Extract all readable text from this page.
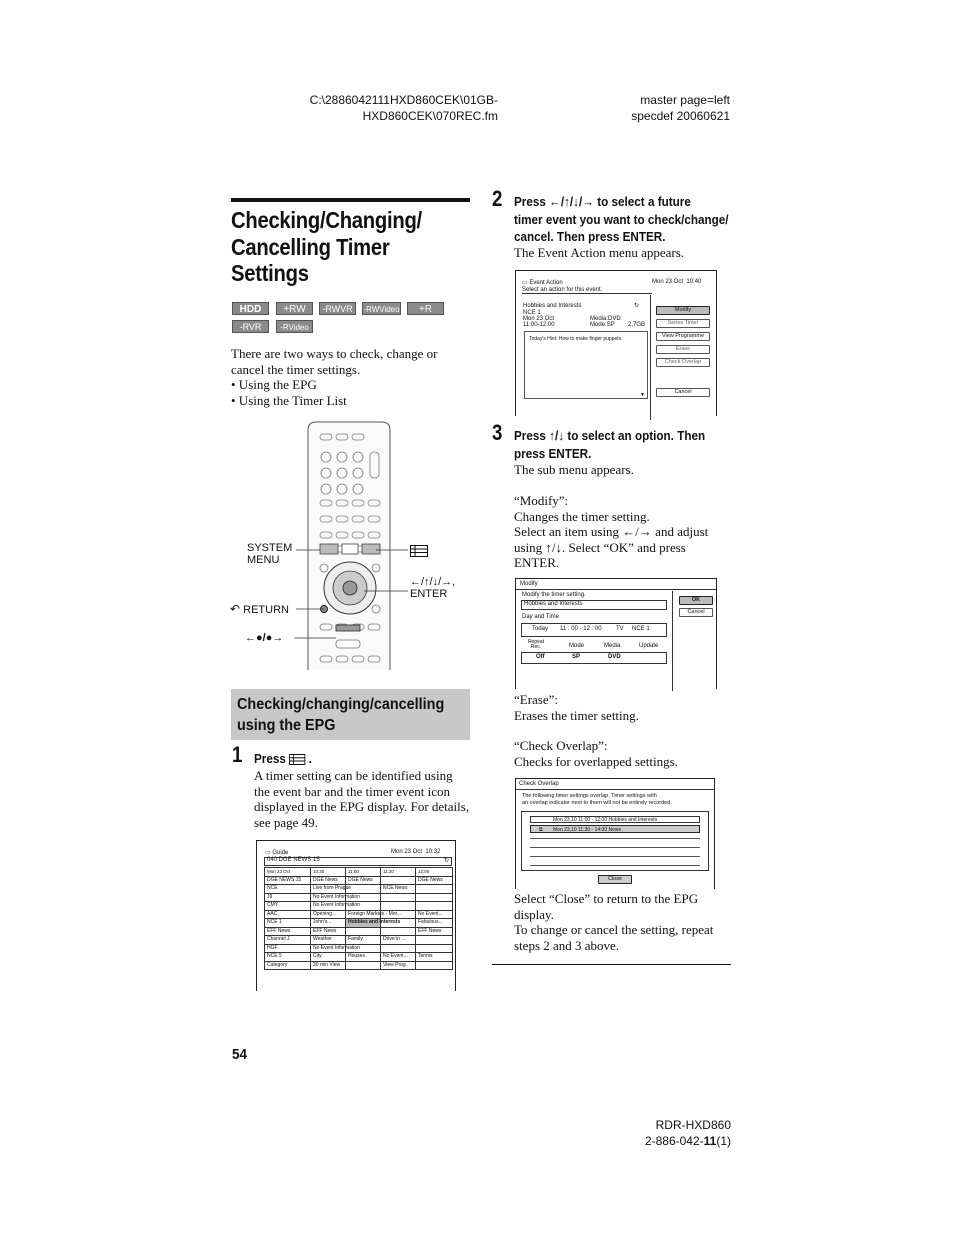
C:\2886042111HXD860CEK\01GB-
HXD860CEK\070REC.fm
master page=left
specdef 20060621
Checking/Changing/
Cancelling Timer
Settings
HDD	+RW	-RWVR	-RWVideo	+R
-RVR	-RVideo
There are two ways to check, change or
cancel the timer settings.
• Using the EPG
• Using the Timer List
SYSTEM
MENU
←/↑/↓/→,
ENTER
↶ RETURN
←●/●→
Checking/changing/cancelling
using the EPG
1 Press .
A timer setting can be identified using
the event bar and the timer event icon
displayed in the EPG display. For details,
see page 49.
▭ Guide	Mon 23 Oct 10:32
040 DGE NEWS 15	↻
Mon 23 Oct	10:30	11:00	11:30	12:00
DGE NEWS 15	DGE News	DGE News		DGE News
NCE	Live from Prague		NCE News	
J9	No Event Information			
CMY	No Event Information			
AAC	Opening...	Foreign Markets - Mor...		No Event...
NCE 1	John's...	Hobbies and Interests		Fabulous...
EFF News	EFF News			EFF News
Channel J	Weather	Family	Drive in ...	
HGF	No Event Information			
NCE 5	City	Houses	No Event...	Tennis
Category	30 min View		View Prog.	
2 Press ←/↑/↓/→ to select a future
timer event you want to check/change/
cancel. Then press ENTER.
The Event Action menu appears.
▭ Event Action	Mon 23 Oct 10:40
Select an action for this event.
Hobbies and Interests	↻
NCE 1
Mon 23 Oct	Media:DVD
11:00-12:00	Mode:SP 2.7GB
Today's Hint: How to make finger puppets.
▼
Modify
Series Timer
View Programme
Erase
Check Overlap
Cancel
3 Press ↑/↓ to select an option. Then
press ENTER.
The sub menu appears.
“Modify”:
Changes the timer setting.
Select an item using ←/→ and adjust
using ↑/↓. Select “OK” and press
ENTER.
Modify
Modify the timer setting.
Hobbies and Interests
Day and Time
Today 11 : 00 - 12 : 00 TV NCE 1
Repeat Rec.	Mode	Media	Update
Off	SP	DVD
OK
Cancel
“Erase”:
Erases the timer setting.
“Check Overlap”:
Checks for overlapped settings.
Check Overlap
The following timer settings overlap. Timer settings with
an overlap indicator next to them will not be entirely recorded.
Mon 23,10 11:00 - 12:00 Hobbies and Interests
⧉ Mon 23,10 11:30 - 14:00 News
Close
Select “Close” to return to the EPG
display.
To change or cancel the setting, repeat
steps 2 and 3 above.
54
RDR-HXD860
2-886-042-11(1)
